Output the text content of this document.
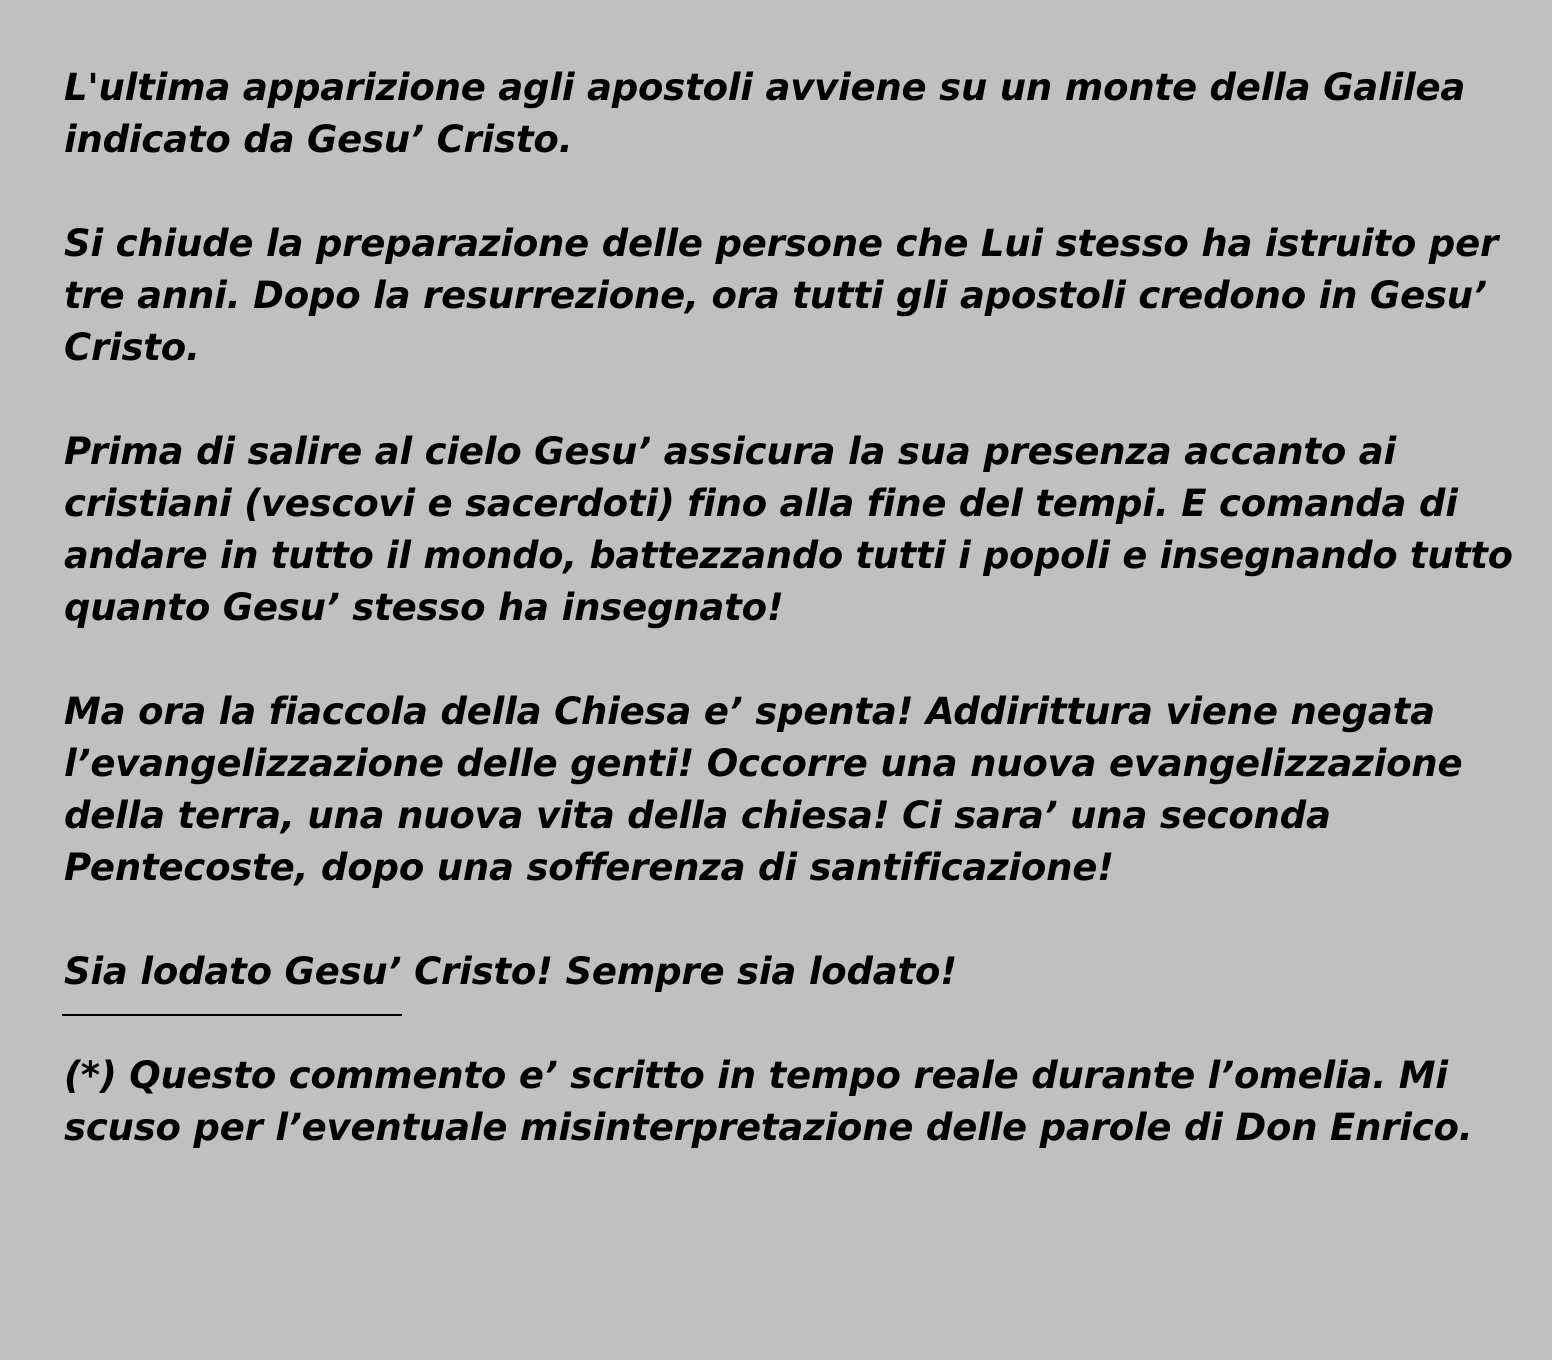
L'ultima apparizione agli apostoli avviene su un monte della Galilea
indicato da Gesu’ Cristo.
Si chiude la preparazione delle persone che Lui stesso ha istruito per
tre anni. Dopo la resurrezione, ora tutti gli apostoli credono in Gesu’
Cristo.
Prima di salire al cielo Gesu’ assicura la sua presenza accanto ai
cristiani (vescovi e sacerdoti) fino alla fine del tempi. E comanda di
andare in tutto il mondo, battezzando tutti i popoli e insegnando tutto
quanto Gesu’ stesso ha insegnato!
Ma ora la fiaccola della Chiesa e’ spenta! Addirittura viene negata
l’evangelizzazione delle genti! Occorre una nuova evangelizzazione
della terra, una nuova vita della chiesa! Ci sara’ una seconda
Pentecoste, dopo una sofferenza di santificazione!
Sia lodato Gesu’ Cristo! Sempre sia lodato!
(*) Questo commento e’ scritto in tempo reale durante l’omelia. Mi
scuso per l’eventuale misinterpretazione delle parole di Don Enrico.
